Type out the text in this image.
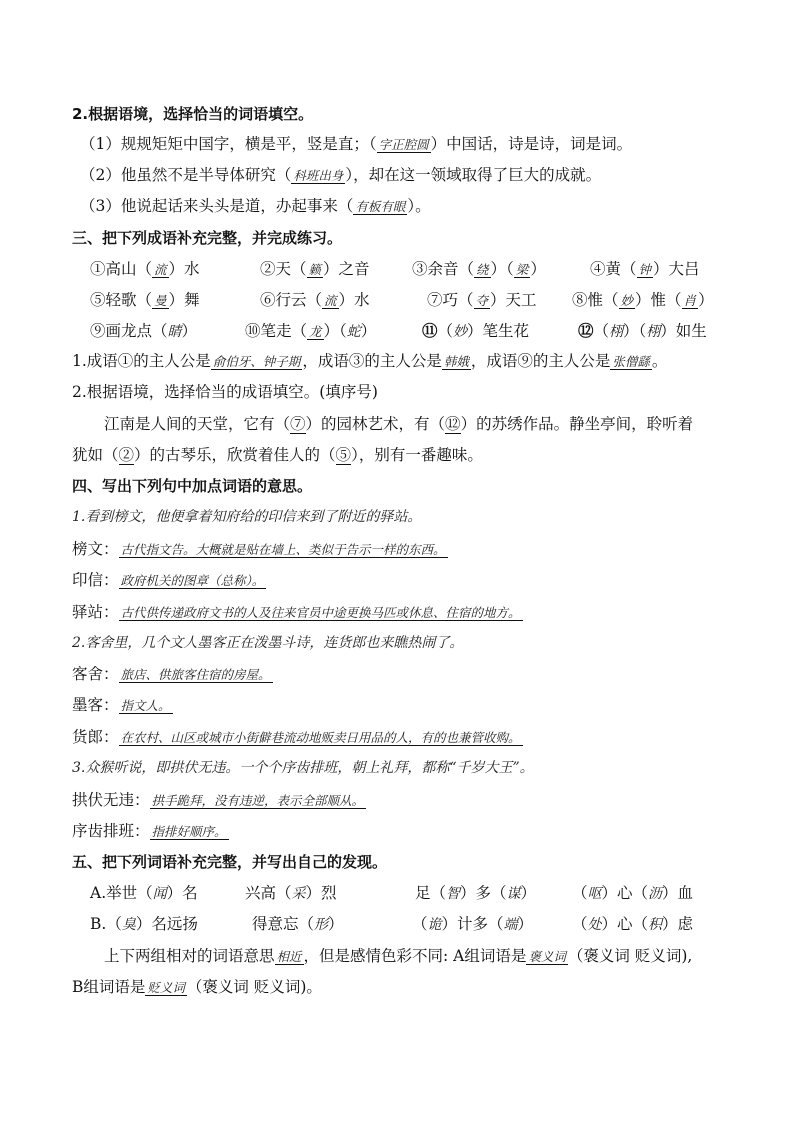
2.根据语境，选择恰当的词语填空。
（1）规规矩矩中国字，横是平，竖是直；（ 字正腔圆 ）中国话，诗是诗，词是词。
（2）他虽然不是半导体研究（ 科班出身 ），却在这一领域取得了巨大的成就。
（3）他说起话来头头是道，办起事来（ 有板有眼 ）。
三、把下列成语补充完整，并完成练习。
①高山（ 流 ）水	②天（ 籁 ）之音	③余音（ 绕 ）（ 梁 ）	④黄（ 钟 ）大吕
⑤轻歌（ 曼 ）舞	⑥行云（ 流 ）水	⑦巧（ 夺 ）天工 ⑧惟（ 妙 ）惟（ 肖 ）
⑨画龙点（睛）	⑩笔走（ 龙 ）（蛇）	⑪（妙）笔生花	⑫（栩）（栩）如生
1.成语①的主人公是 俞伯牙、钟子期 ，成语③的主人公是 韩娥 ，成语⑨的主人公是 张僧繇 。
2.根据语境，选择恰当的成语填空。(填序号)
江南是人间的天堂，它有（⑦）的园林艺术，有（⑫）的苏绣作品。静坐亭间，聆听着
犹如（②）的古琴乐，欣赏着佳人的（⑤），别有一番趣味。
四、写出下列句中加点词语的意思。
1.看到榜文，他便拿着知府给的印信来到了附近的驿站。
榜文： 古代指文告。大概就是贴在墙上、类似于告示一样的东西。
印信： 政府机关的图章（总称）。
驿站： 古代供传递政府文书的人及往来官员中途更换马匹或休息、住宿的地方。
2.客舍里，几个文人墨客正在泼墨斗诗，连货郎也来瞧热闹了。
客舍： 旅店、供旅客住宿的房屋。
墨客： 指文人。
货郎： 在农村、山区或城市小街僻巷流动地贩卖日用品的人，有的也兼管收购。
3.众猴听说，即拱伏无违。一个个序齿排班，朝上礼拜，都称“千岁大王”。
拱伏无违： 拱手跪拜，没有违逆，表示全部顺从。
序齿排班： 指排好顺序。
五、把下列词语补充完整，并写出自己的发现。
A.举世（闻）名	兴高（采）烈	足（智）多（谋） （呕）心（沥）血
B.（臭）名远扬	得意忘（形）	（诡）计多（端）	（处）心（积）虑
上下两组相对的词语意思 相近 ，但是感情色彩不同: A组词语是 褒义词 （褒义词 贬义词),
B组词语是 贬义词 （褒义词 贬义词)。
